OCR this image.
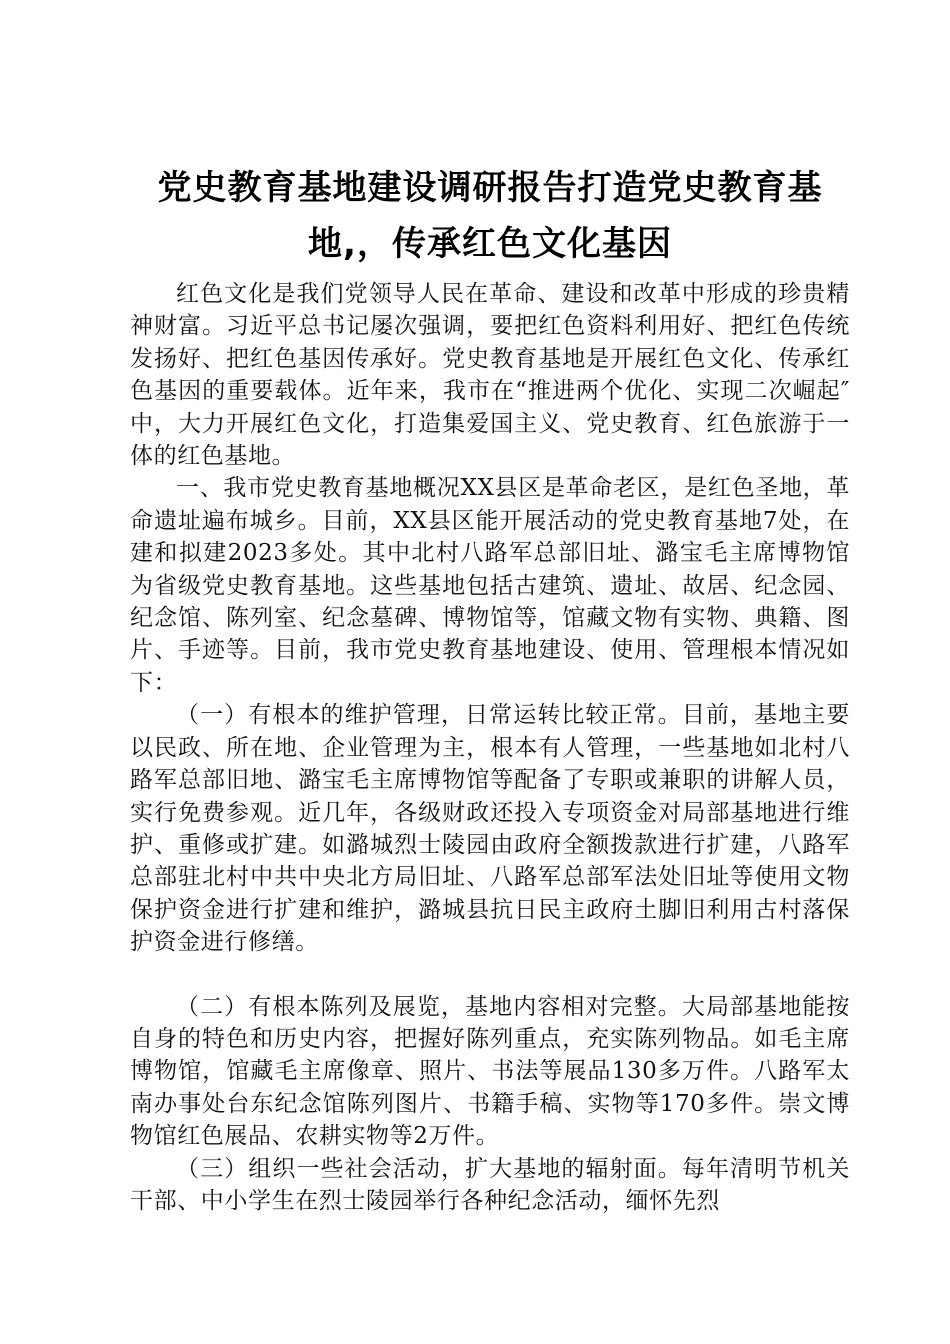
党史教育基地建设调研报告打造党史教育基
地,，传承红色文化基因

红色文化是我们党领导人民在革命、建设和改革中形成的珍贵精神财富。习近平总书记屡次强调，要把红色资料利用好、把红色传统发扬好、把红色基因传承好。党史教育基地是开展红色文化、传承红色基因的重要载体。近年来，我市在“推进两个优化、实现二次崛起″中，大力开展红色文化，打造集爱国主义、党史教育、红色旅游于一体的红色基地。

一、我市党史教育基地概况XX县区是革命老区，是红色圣地，革命遗址遍布城乡。目前，XX县区能开展活动的党史教育基地7处，在建和拟建2023多处。其中北村八路军总部旧址、潞宝毛主席博物馆为省级党史教育基地。这些基地包括古建筑、遗址、故居、纪念园、纪念馆、陈列室、纪念墓碑、博物馆等，馆藏文物有实物、典籍、图片、手迹等。目前，我市党史教育基地建设、使用、管理根本情况如下：

（一）有根本的维护管理，日常运转比较正常。目前，基地主要以民政、所在地、企业管理为主，根本有人管理，一些基地如北村八路军总部旧地、潞宝毛主席博物馆等配备了专职或兼职的讲解人员，实行免费参观。近几年，各级财政还投入专项资金对局部基地进行维护、重修或扩建。如潞城烈士陵园由政府全额拨款进行扩建，八路军总部驻北村中共中央北方局旧址、八路军总部军法处旧址等使用文物保护资金进行扩建和维护，潞城县抗日民主政府土脚旧利用古村落保护资金进行修缮。

（二）有根本陈列及展览，基地内容相对完整。大局部基地能按自身的特色和历史内容，把握好陈列重点，充实陈列物品。如毛主席博物馆，馆藏毛主席像章、照片、书法等展品130多万件。八路军太南办事处台东纪念馆陈列图片、书籍手稿、实物等170多件。崇文博物馆红色展品、农耕实物等2万件。

（三）组织一些社会活动，扩大基地的辐射面。每年清明节机关干部、中小学生在烈士陵园举行各种纪念活动，缅怀先烈
